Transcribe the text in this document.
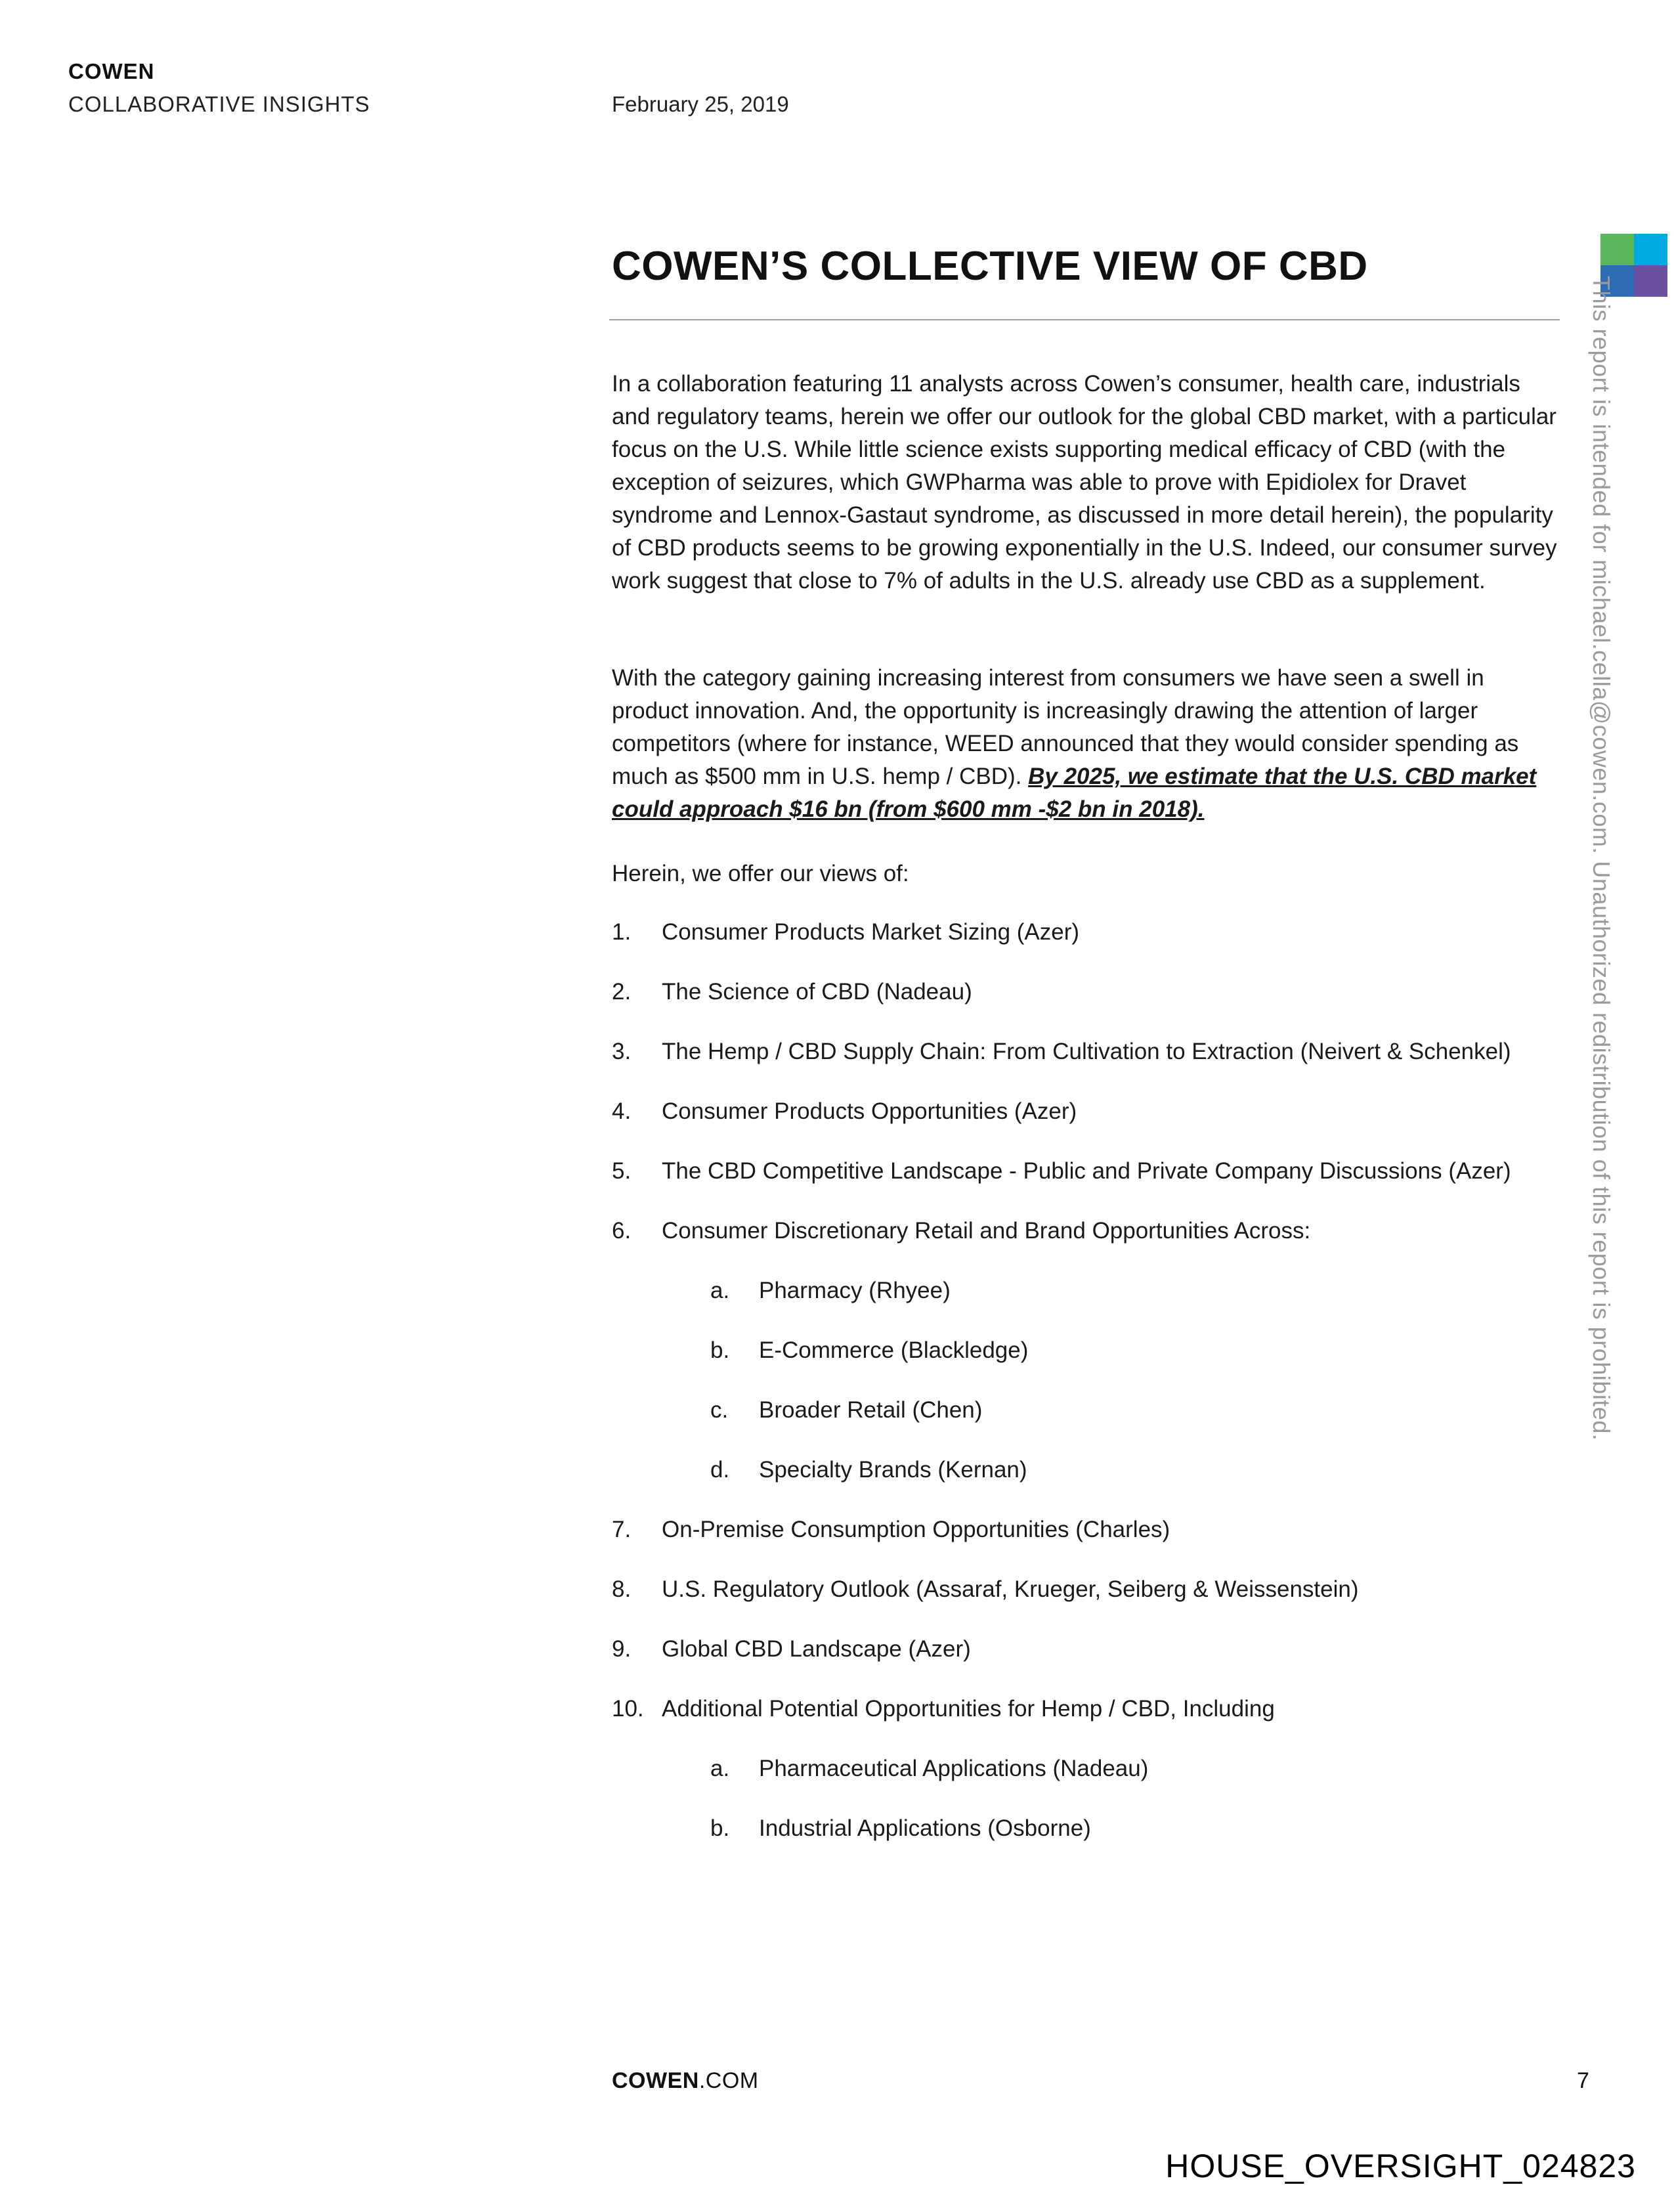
COWEN
COLLABORATIVE INSIGHTS	February 25, 2019
COWEN’S COLLECTIVE VIEW OF CBD
This report is intended for michael.cella@cowen.com. Unauthorized redistribution of this report is prohibited.

In a collaboration featuring 11 analysts across Cowen’s consumer, health care, industrials and regulatory teams, herein we offer our outlook for the global CBD market, with a particular focus on the U.S. While little science exists supporting medical efficacy of CBD (with the exception of seizures, which GWPharma was able to prove with Epidiolex for Dravet syndrome and Lennox-Gastaut syndrome, as discussed in more detail herein), the popularity of CBD products seems to be growing exponentially in the U.S. Indeed, our consumer survey work suggest that close to 7% of adults in the U.S. already use CBD as a supplement.

With the category gaining increasing interest from consumers we have seen a swell in product innovation. And, the opportunity is increasingly drawing the attention of larger competitors (where for instance, WEED announced that they would consider spending as much as $500 mm in U.S. hemp / CBD). By 2025, we estimate that the U.S. CBD market could approach $16 bn (from $600 mm -$2 bn in 2018).

Herein, we offer our views of:

1.	Consumer Products Market Sizing (Azer)
2.	The Science of CBD (Nadeau)
3.	The Hemp / CBD Supply Chain: From Cultivation to Extraction (Neivert & Schenkel)
4.	Consumer Products Opportunities (Azer)
5.	The CBD Competitive Landscape - Public and Private Company Discussions (Azer)
6.	Consumer Discretionary Retail and Brand Opportunities Across:
a.	Pharmacy (Rhyee)
b.	E-Commerce (Blackledge)
c.	Broader Retail (Chen)
d.	Specialty Brands (Kernan)
7.	On-Premise Consumption Opportunities (Charles)
8.	U.S. Regulatory Outlook (Assaraf, Krueger, Seiberg & Weissenstein)
9.	Global CBD Landscape (Azer)
10. Additional Potential Opportunities for Hemp / CBD, Including
a.	Pharmaceutical Applications (Nadeau)
b.	Industrial Applications (Osborne)
COWEN.COM	7
HOUSE_OVERSIGHT_024823
